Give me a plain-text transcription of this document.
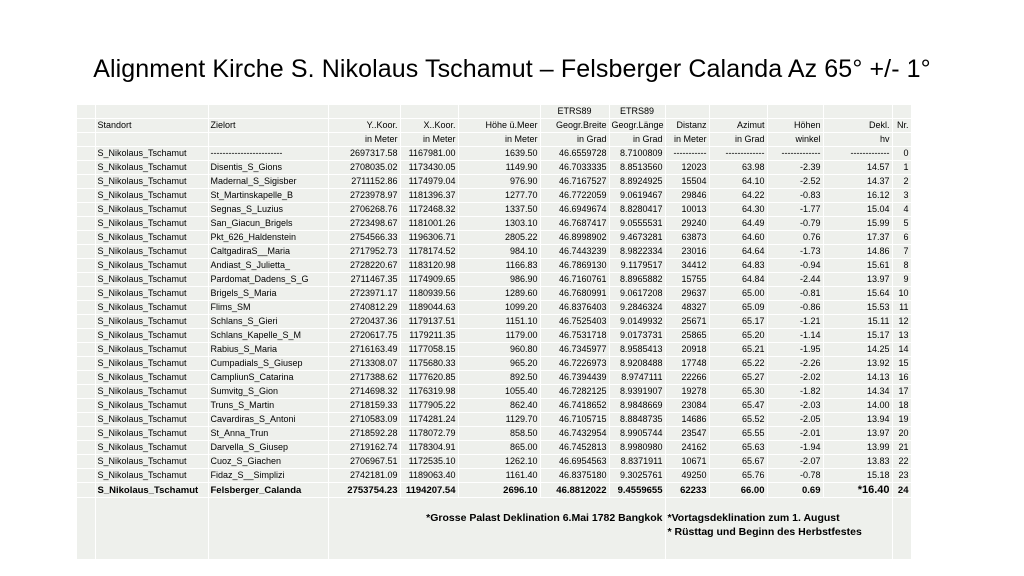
Alignment Kirche S. Nikolaus Tschamut – Felsberger Calanda Az 65° +/- 1°
						ETRS89	ETRS89					
	Standort	Zielort	Y..Koor.	X..Koor.	Höhe ü.Meer	Geogr.Breite	Geogr.Länge	Distanz	Azimut	Höhen	Dekl.	Nr.
			in Meter	in Meter	in Meter	in Grad	in Grad	in Meter	in Grad	winkel	hv	
	S_Nikolaus_Tschamut	------------------------	2697317.58	1167981.00	1639.50	46.6559728	8.7100809	-----------	-------------	-------------	-------------	0
	S_Nikolaus_Tschamut	Disentis_S_Gions	2708035.02	1173430.05	1149.90	46.7033335	8.8513560	12023	63.98	-2.39	14.57	1
	S_Nikolaus_Tschamut	Madernal_S_Sigisber	2711152.86	1174979.04	976.90	46.7167527	8.8924925	15504	64.10	-2.52	14.37	2
	S_Nikolaus_Tschamut	St_Martinskapelle_B	2723978.97	1181396.37	1277.70	46.7722059	9.0619467	29846	64.22	-0.83	16.12	3
	S_Nikolaus_Tschamut	Segnas_S_Luzius	2706268.76	1172468.32	1337.50	46.6949674	8.8280417	10013	64.30	-1.77	15.04	4
	S_Nikolaus_Tschamut	San_Giacun_Brigels	2723498.67	1181001.26	1303.10	46.7687417	9.0555531	29240	64.49	-0.79	15.99	5
	S_Nikolaus_Tschamut	Pkt_626_Haldenstein	2754566.33	1196306.71	2805.22	46.8998902	9.4673281	63873	64.60	0.76	17.37	6
	S_Nikolaus_Tschamut	CaltgadiraS__Maria	2717952.73	1178174.52	984.10	46.7443239	8.9822334	23016	64.64	-1.73	14.86	7
	S_Nikolaus_Tschamut	Andiast_S_Julietta_	2728220.67	1183120.98	1166.83	46.7869130	9.1179517	34412	64.83	-0.94	15.61	8
	S_Nikolaus_Tschamut	Pardomat_Dadens_S_G	2711467.35	1174909.65	986.90	46.7160761	8.8965882	15755	64.84	-2.44	13.97	9
	S_Nikolaus_Tschamut	Brigels_S_Maria	2723971.17	1180939.56	1289.60	46.7680991	9.0617208	29637	65.00	-0.81	15.64	10
	S_Nikolaus_Tschamut	Flims_SM	2740812.29	1189044.63	1099.20	46.8376403	9.2846324	48327	65.09	-0.86	15.53	11
	S_Nikolaus_Tschamut	Schlans_S_Gieri	2720437.36	1179137.51	1151.10	46.7525403	9.0149932	25671	65.17	-1.21	15.11	12
	S_Nikolaus_Tschamut	Schlans_Kapelle_S_M	2720617.75	1179211.35	1179.00	46.7531718	9.0173731	25865	65.20	-1.14	15.17	13
	S_Nikolaus_Tschamut	Rabius_S_Maria	2716163.49	1177058.15	960.80	46.7345977	8.9585413	20918	65.21	-1.95	14.25	14
	S_Nikolaus_Tschamut	Cumpadials_S_Giusep	2713308.07	1175680.33	965.20	46.7226973	8.9208488	17748	65.22	-2.26	13.92	15
	S_Nikolaus_Tschamut	CampliunS_Catarina	2717388.62	1177620.85	892.50	46.7394439	8.9747111	22266	65.27	-2.02	14.13	16
	S_Nikolaus_Tschamut	Sumvitg_S_Gion	2714698.32	1176319.98	1055.40	46.7282125	8.9391907	19278	65.30	-1.82	14.34	17
	S_Nikolaus_Tschamut	Truns_S_Martin	2718159.33	1177905.22	862.40	46.7418652	8.9848669	23084	65.47	-2.03	14.00	18
	S_Nikolaus_Tschamut	Cavardiras_S_Antoni	2710583.09	1174281.24	1129.70	46.7105715	8.8848735	14686	65.52	-2.05	13.94	19
	S_Nikolaus_Tschamut	St_Anna_Trun	2718592.28	1178072.79	858.50	46.7432954	8.9905744	23547	65.55	-2.01	13.97	20
	S_Nikolaus_Tschamut	Darvella_S_Giusep	2719162.74	1178304.91	865.00	46.7452813	8.9980980	24162	65.63	-1.94	13.99	21
	S_Nikolaus_Tschamut	Cuoz_S_Giachen	2706967.51	1172535.10	1262.10	46.6954563	8.8371911	10671	65.67	-2.07	13.83	22
	S_Nikolaus_Tschamut	Fidaz_S__Simplizi	2742181.09	1189063.40	1161.40	46.8375180	9.3025761	49250	65.76	-0.78	15.18	23
	S_Nikolaus_Tschamut	Felsberger_Calanda	2753754.23	1194207.54	2696.10	46.8812022	9.4559655	62233	66.00	0.69	*16.40	24
			*Grosse Palast Deklination 6.Mai 1782 Bangkok					*Vortagsdeklination zum 1. August
* Rüsttag und Beginn des Herbstfestes				
